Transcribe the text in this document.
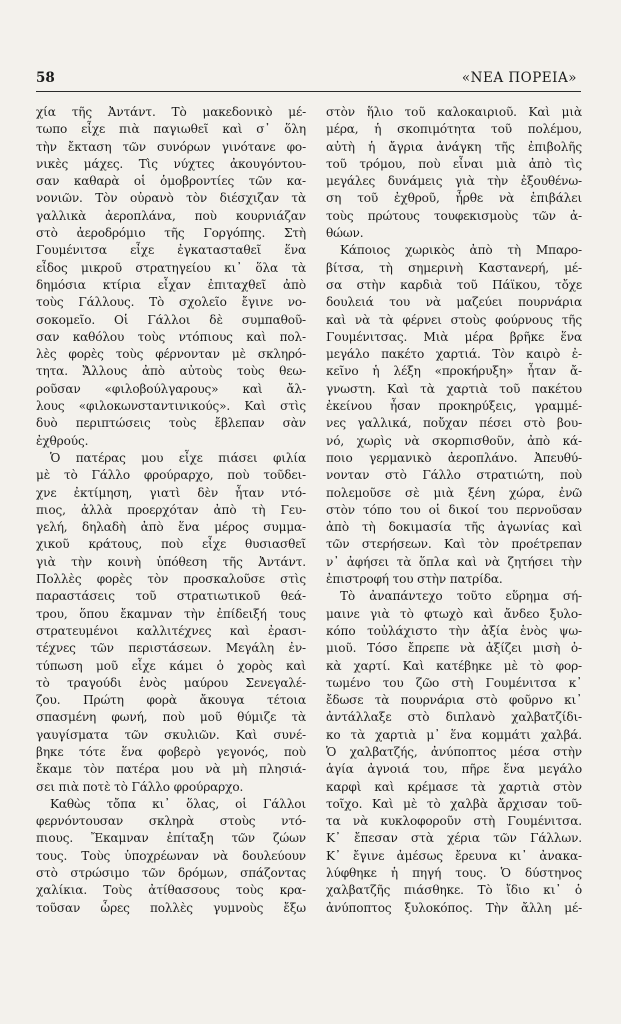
58	«ΝΕΑ ΠΟΡΕΙΑ»
χία τῆς Ἀντάντ. Τὸ μακεδονικὸ μέ-
τωπο εἶχε πιὰ παγιωθεῖ καὶ σ᾽ ὅλη
τὴν ἔκταση τῶν συνόρων γινότανε φο-
νικὲς μάχες. Τὶς νύχτες ἀκουγόντου-
σαν καθαρὰ οἱ ὁμοβροντίες τῶν κα-
νονιῶν. Τὸν οὐρανὸ τὸν διέσχιζαν τὰ
γαλλικὰ ἀεροπλάνα, ποὺ κουρνιάζαν
στὸ ἀεροδρόμιο τῆς Γοργόπης. Στὴ
Γουμένιτσα εἶχε ἐγκατασταθεῖ ἕνα
εἶδος μικροῦ στρατηγείου κι᾽ ὅλα τὰ
δημόσια κτίρια εἶχαν ἐπιταχθεῖ ἀπὸ
τοὺς Γάλλους. Τὸ σχολεῖο ἔγινε νο-
σοκομεῖο. Οἱ Γάλλοι δὲ συμπαθοῦ-
σαν καθόλου τοὺς ντόπιους καὶ πολ-
λὲς φορὲς τοὺς φέρνονταν μὲ σκληρό-
τητα. Ἄλλους ἀπὸ αὐτοὺς τοὺς θεω-
ροῦσαν «φιλοβούλγαρους» καὶ ἄλ-
λους «φιλοκωνσταντινικούς». Καὶ στὶς
δυὸ περιπτώσεις τοὺς ἔβλεπαν σὰν
ἐχθρούς.
Ὁ πατέρας μου εἶχε πιάσει φιλία
μὲ τὸ Γάλλο φρούραρχο, ποὺ τοῦδει-
χνε ἐκτίμηση, γιατὶ δὲν ἦταν ντό-
πιος, ἀλλὰ προερχόταν ἀπὸ τὴ Γευ-
γελή, δηλαδὴ ἀπὸ ἕνα μέρος συμμα-
χικοῦ κράτους, ποὺ εἶχε θυσιασθεῖ
γιὰ τὴν κοινὴ ὑπόθεση τῆς Ἀντάντ.
Πολλὲς φορὲς τὸν προσκαλοῦσε στὶς
παραστάσεις τοῦ στρατιωτικοῦ θεά-
τρου, ὅπου ἔκαμναν τὴν ἐπίδειξή τους
στρατευμένοι καλλιτέχνες καὶ ἐρασι-
τέχνες τῶν περιστάσεων. Μεγάλη ἐν-
τύπωση μοῦ εἶχε κάμει ὁ χορὸς καὶ
τὸ τραγούδι ἑνὸς μαύρου Σενεγαλέ-
ζου. Πρώτη φορὰ ἄκουγα τέτοια
σπασμένη φωνή, ποὺ μοῦ θύμιζε τὰ
γαυγίσματα τῶν σκυλιῶν. Καὶ συνέ-
βηκε τότε ἕνα φοβερὸ γεγονός, ποὺ
ἔκαμε τὸν πατέρα μου νὰ μὴ πλησιά-
σει πιὰ ποτὲ τὸ Γάλλο φρούραρχο.
Καθὼς τὄπα κι᾽ ὅλας, οἱ Γάλλοι
φερνόντουσαν σκληρὰ στοὺς ντό-
πιους. Ἔκαμναν ἐπίταξη τῶν ζώων
τους. Τοὺς ὑποχρέωναν νὰ δουλεύουν
στὸ στρώσιμο τῶν δρόμων, σπάζοντας
χαλίκια. Τοὺς ἀτίθασσους τοὺς κρα-
τοῦσαν ὧρες πολλὲς γυμνοὺς ἔξω
στὸν ἥλιο τοῦ καλοκαιριοῦ. Καὶ μιὰ
μέρα, ἡ σκοπιμότητα τοῦ πολέμου,
αὐτὴ ἡ ἄγρια ἀνάγκη τῆς ἐπιβολῆς
τοῦ τρόμου, ποὺ εἶναι μιὰ ἀπὸ τὶς
μεγάλες δυνάμεις γιὰ τὴν ἐξουθένω-
ση τοῦ ἐχθροῦ, ἦρθε νὰ ἐπιβάλει
τοὺς πρώτους τουφεκισμοὺς τῶν ἀ-
θώων.
Κάποιος χωρικὸς ἀπὸ τὴ Μπαρο-
βίτσα, τὴ σημερινὴ Καστανερή, μέ-
σα στὴν καρδιὰ τοῦ Πάϊκου, τὄχε
δουλειά του νὰ μαζεύει πουρνάρια
καὶ νὰ τὰ φέρνει στοὺς φούρνους τῆς
Γουμένιτσας. Μιὰ μέρα βρῆκε ἕνα
μεγάλο πακέτο χαρτιά. Τὸν καιρὸ ἐ-
κεῖνο ἡ λέξη «προκήρυξη» ἦταν ἄ-
γνωστη. Καὶ τὰ χαρτιὰ τοῦ πακέτου
ἐκείνου ἦσαν προκηρύξεις, γραμμέ-
νες γαλλικά, ποὔχαν πέσει στὸ βου-
νό, χωρὶς νὰ σκορπισθοῦν, ἀπὸ κά-
ποιο γερμανικὸ ἀεροπλάνο. Ἀπευθύ-
νονταν στὸ Γάλλο στρατιώτη, ποὺ
πολεμοῦσε σὲ μιὰ ξένη χώρα, ἐνῶ
στὸν τόπο του οἱ δικοί του περνοῦσαν
ἀπὸ τὴ δοκιμασία τῆς ἀγωνίας καὶ
τῶν στερήσεων. Καὶ τὸν προέτρεπαν
ν᾽ ἀφήσει τὰ ὅπλα καὶ νὰ ζητήσει τὴν
ἐπιστροφή του στὴν πατρίδα.
Τὸ ἀναπάντεχο τοῦτο εὕρημα σή-
μαινε γιὰ τὸ φτωχὸ καὶ ἄνδεο ξυλο-
κόπο τοὐλάχιστο τὴν ἀξία ἑνὸς ψω-
μιοῦ. Τόσο ἔπρεπε νὰ ἀξίζει μισὴ ὀ-
κὰ χαρτί. Καὶ κατέβηκε μὲ τὸ φορ-
τωμένο του ζῶο στὴ Γουμένιτσα κ᾽
ἔδωσε τὰ πουρνάρια στὸ φοῦρνο κι᾽
ἀντάλλαξε στὸ διπλανὸ χαλβατζίδι-
κο τὰ χαρτιὰ μ᾽ ἕνα κομμάτι χαλβά.
Ὁ χαλβατζής, ἀνύποπτος μέσα στὴν
ἁγία ἀγνοιά του, πῆρε ἕνα μεγάλο
καρφὶ καὶ κρέμασε τὰ χαρτιὰ στὸν
τοῖχο. Καὶ μὲ τὸ χαλβὰ ἄρχισαν τοῦ-
τα νὰ κυκλοφοροῦν στὴ Γουμένιτσα.
Κ᾽ ἔπεσαν στὰ χέρια τῶν Γάλλων.
Κ᾽ ἔγινε ἀμέσως ἔρευνα κι᾽ ἀνακα-
λύφθηκε ἡ πηγή τους. Ὁ δύστηνος
χαλβατζῆς πιάσθηκε. Τὸ ἴδιο κι᾽ ὁ
ἀνύποπτος ξυλοκόπος. Τὴν ἄλλη μέ-
